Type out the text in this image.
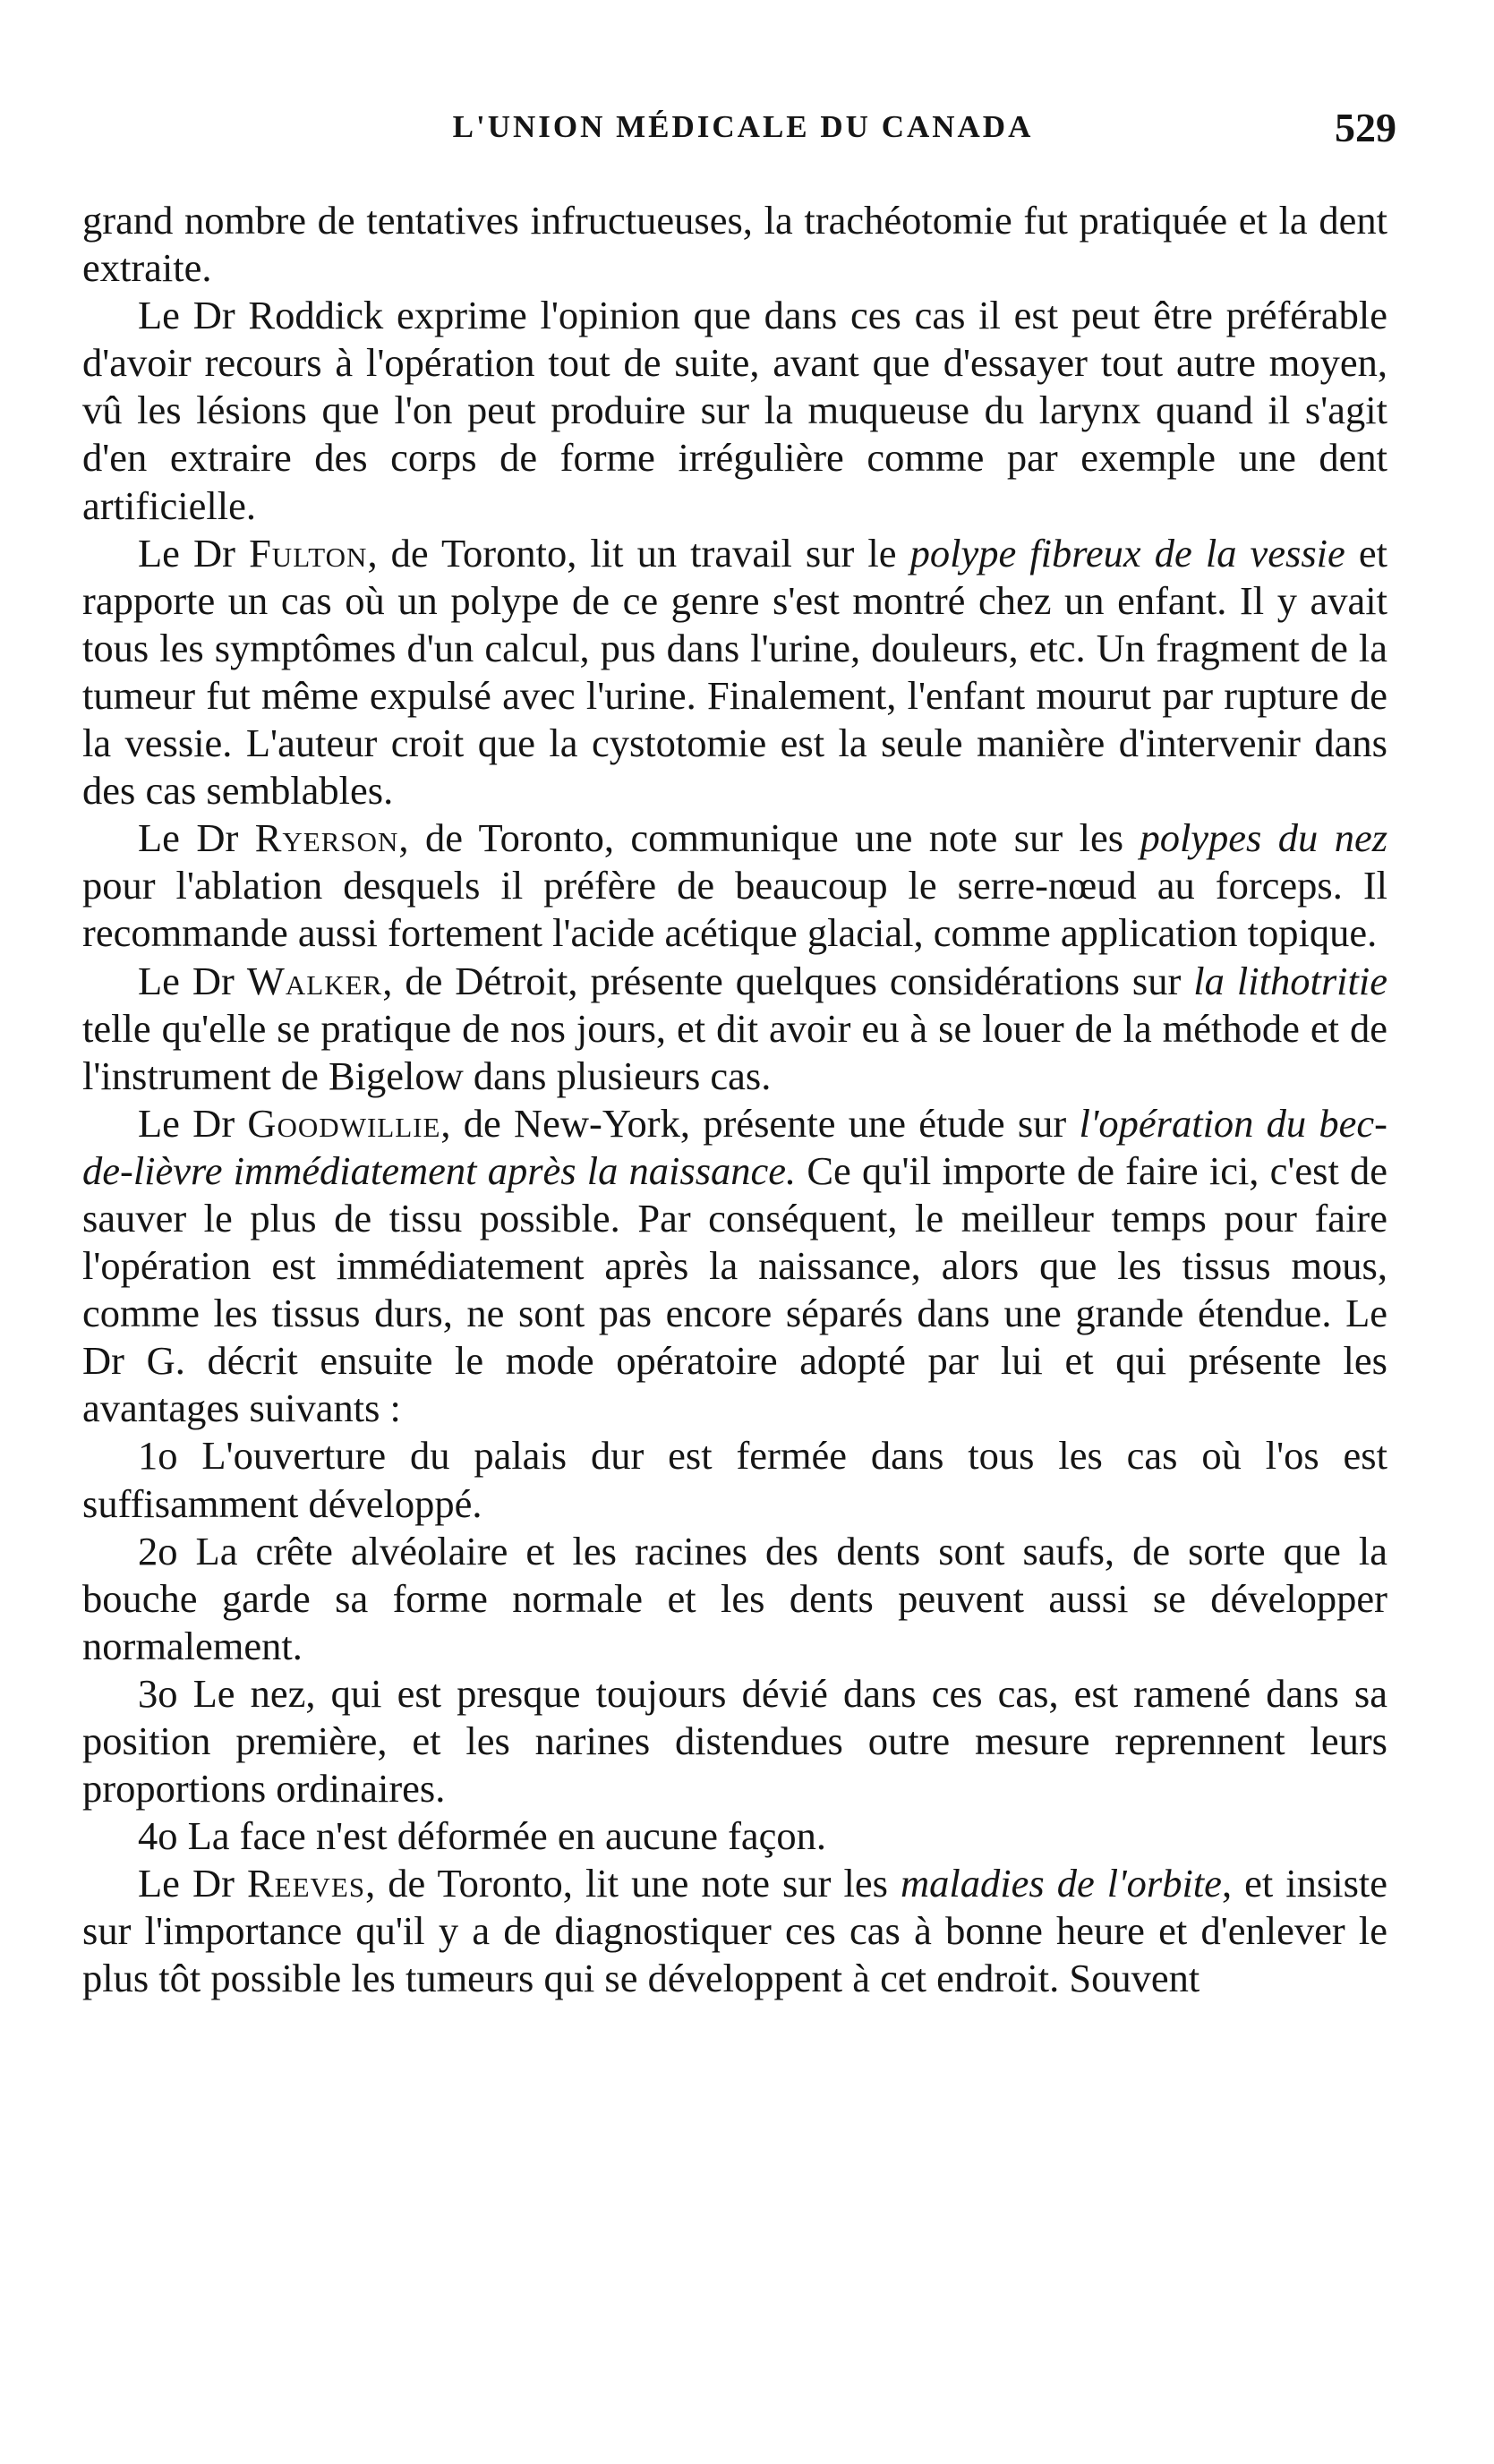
L'UNION MÉDICALE DU CANADA	529

grand nombre de tentatives infructueuses, la trachéotomie fut pratiquée et la dent extraite.

Le Dr Roddick exprime l'opinion que dans ces cas il est peut être préférable d'avoir recours à l'opération tout de suite, avant que d'essayer tout autre moyen, vû les lésions que l'on peut produire sur la muqueuse du larynx quand il s'agit d'en extraire des corps de forme irrégulière comme par exemple une dent artificielle.

Le Dr Fulton, de Toronto, lit un travail sur le polype fibreux de la vessie et rapporte un cas où un polype de ce genre s'est montré chez un enfant. Il y avait tous les symptômes d'un calcul, pus dans l'urine, douleurs, etc. Un fragment de la tumeur fut même expulsé avec l'urine. Finalement, l'enfant mourut par rupture de la vessie. L'auteur croit que la cystotomie est la seule manière d'intervenir dans des cas semblables.

Le Dr Ryerson, de Toronto, communique une note sur les polypes du nez pour l'ablation desquels il préfère de beaucoup le serre-nœud au forceps. Il recommande aussi fortement l'acide acétique glacial, comme application topique.

Le Dr Walker, de Détroit, présente quelques considérations sur la lithotritie telle qu'elle se pratique de nos jours, et dit avoir eu à se louer de la méthode et de l'instrument de Bigelow dans plusieurs cas.

Le Dr Goodwillie, de New-York, présente une étude sur l'opération du bec-de-lièvre immédiatement après la naissance. Ce qu'il importe de faire ici, c'est de sauver le plus de tissu possible. Par conséquent, le meilleur temps pour faire l'opération est immédiatement après la naissance, alors que les tissus mous, comme les tissus durs, ne sont pas encore séparés dans une grande étendue. Le Dr G. décrit ensuite le mode opératoire adopté par lui et qui présente les avantages suivants :

1o L'ouverture du palais dur est fermée dans tous les cas où l'os est suffisamment développé.

2o La crête alvéolaire et les racines des dents sont saufs, de sorte que la bouche garde sa forme normale et les dents peuvent aussi se développer normalement.

3o Le nez, qui est presque toujours dévié dans ces cas, est ramené dans sa position première, et les narines distendues outre mesure reprennent leurs proportions ordinaires.

4o La face n'est déformée en aucune façon.

Le Dr Reeves, de Toronto, lit une note sur les maladies de l'orbite, et insiste sur l'importance qu'il y a de diagnostiquer ces cas à bonne heure et d'enlever le plus tôt possible les tumeurs qui se développent à cet endroit. Souvent
